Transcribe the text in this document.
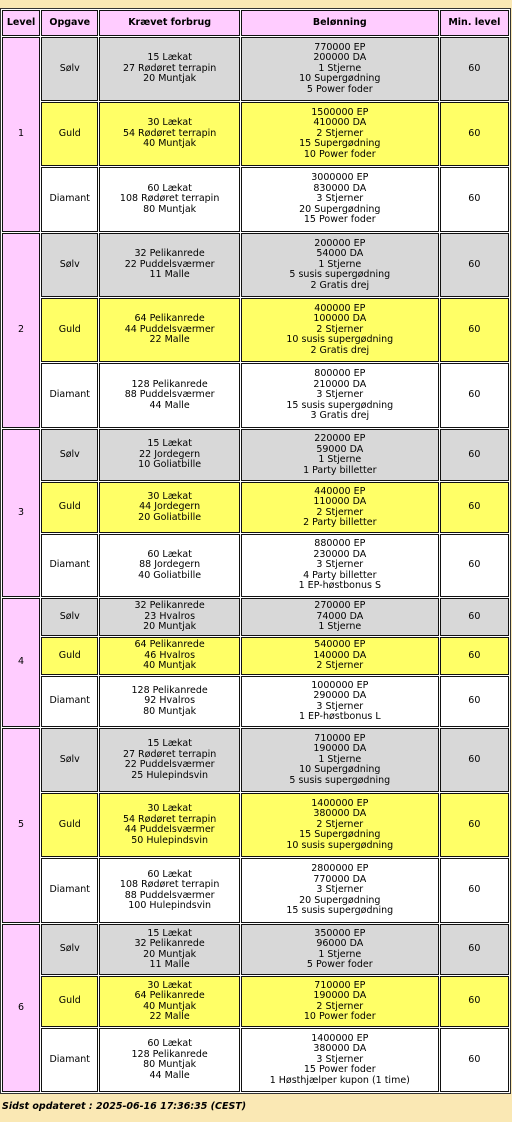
Level	Opgave	Krævet forbrug	Belønning	Min. level
1	Sølv	15 Lækat
27 Rødøret terrapin
20 Muntjak	770000 EP
200000 DA
1 Stjerne
10 Supergødning
5 Power foder	60
	Guld	30 Lækat
54 Rødøret terrapin
40 Muntjak	1500000 EP
410000 DA
2 Stjerner
15 Supergødning
10 Power foder	60
	Diamant	60 Lækat
108 Rødøret terrapin
80 Muntjak	3000000 EP
830000 DA
3 Stjerner
20 Supergødning
15 Power foder	60
2	Sølv	32 Pelikanrede
22 Puddelsværmer
11 Malle	200000 EP
54000 DA
1 Stjerne
5 susis supergødning
2 Gratis drej	60
	Guld	64 Pelikanrede
44 Puddelsværmer
22 Malle	400000 EP
100000 DA
2 Stjerner
10 susis supergødning
2 Gratis drej	60
	Diamant	128 Pelikanrede
88 Puddelsværmer
44 Malle	800000 EP
210000 DA
3 Stjerner
15 susis supergødning
3 Gratis drej	60
3	Sølv	15 Lækat
22 Jordegern
10 Goliatbille	220000 EP
59000 DA
1 Stjerne
1 Party billetter	60
	Guld	30 Lækat
44 Jordegern
20 Goliatbille	440000 EP
110000 DA
2 Stjerner
2 Party billetter	60
	Diamant	60 Lækat
88 Jordegern
40 Goliatbille	880000 EP
230000 DA
3 Stjerner
4 Party billetter
1 EP-høstbonus S	60
4	Sølv	32 Pelikanrede
23 Hvalros
20 Muntjak	270000 EP
74000 DA
1 Stjerne	60
	Guld	64 Pelikanrede
46 Hvalros
40 Muntjak	540000 EP
140000 DA
2 Stjerner	60
	Diamant	128 Pelikanrede
92 Hvalros
80 Muntjak	1000000 EP
290000 DA
3 Stjerner
1 EP-høstbonus L	60
5	Sølv	15 Lækat
27 Rødøret terrapin
22 Puddelsværmer
25 Hulepindsvin	710000 EP
190000 DA
1 Stjerne
10 Supergødning
5 susis supergødning	60
	Guld	30 Lækat
54 Rødøret terrapin
44 Puddelsværmer
50 Hulepindsvin	1400000 EP
380000 DA
2 Stjerner
15 Supergødning
10 susis supergødning	60
	Diamant	60 Lækat
108 Rødøret terrapin
88 Puddelsværmer
100 Hulepindsvin	2800000 EP
770000 DA
3 Stjerner
20 Supergødning
15 susis supergødning	60
6	Sølv	15 Lækat
32 Pelikanrede
20 Muntjak
11 Malle	350000 EP
96000 DA
1 Stjerne
5 Power foder	60
	Guld	30 Lækat
64 Pelikanrede
40 Muntjak
22 Malle	710000 EP
190000 DA
2 Stjerner
10 Power foder	60
	Diamant	60 Lækat
128 Pelikanrede
80 Muntjak
44 Malle	1400000 EP
380000 DA
3 Stjerner
15 Power foder
1 Høsthjælper kupon (1 time)	60
Sidst opdateret : 2025-06-16 17:36:35 (CEST)
